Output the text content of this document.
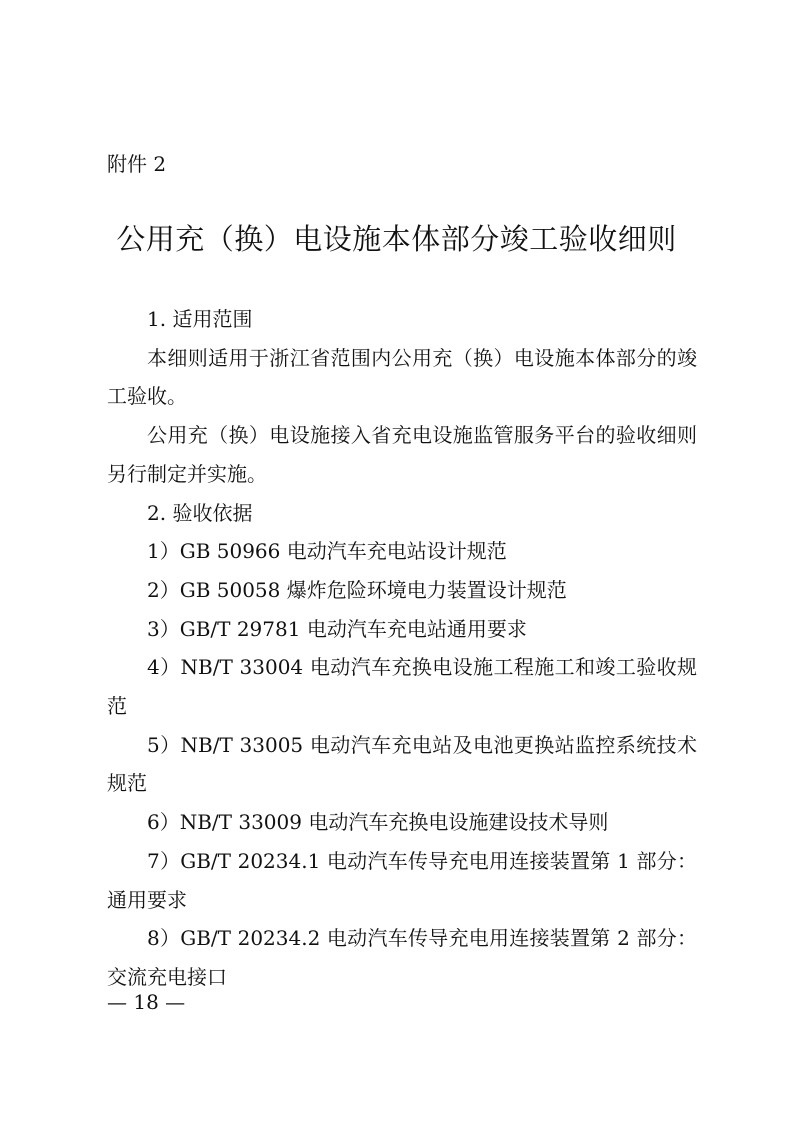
附件 2
公用充（换）电设施本体部分竣工验收细则

1. 适用范围

本细则适用于浙江省范围内公用充（换）电设施本体部分的竣工验收。

公用充（换）电设施接入省充电设施监管服务平台的验收细则另行制定并实施。

2. 验收依据

1）GB 50966 电动汽车充电站设计规范

2）GB 50058 爆炸危险环境电力装置设计规范

3）GB/T 29781 电动汽车充电站通用要求

4）NB/T 33004 电动汽车充换电设施工程施工和竣工验收规范

5）NB/T 33005 电动汽车充电站及电池更换站监控系统技术规范

6）NB/T 33009 电动汽车充换电设施建设技术导则

7）GB/T 20234.1 电动汽车传导充电用连接装置第 1 部分：通用要求

8）GB/T 20234.2 电动汽车传导充电用连接装置第 2 部分：交流充电接口

— 18 —
